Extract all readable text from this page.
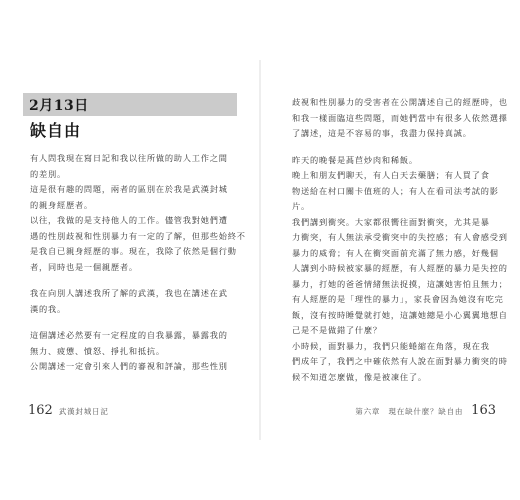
2月13日
缺自由
有人問我現在寫日記和我以往所做的助人工作之間
的差別。
這是很有趣的問題，兩者的區別在於我是武漢封城
的親身經歷者。
以往，我做的是支持他人的工作。儘管我對她們遭
遇的性別歧視和性別暴力有一定的了解，但那些始終不
是我自已親身經歷的事。現在，我除了依然是個行動
者，同時也是一個親歷者。
我在向別人講述我所了解的武漢，我也在講述在武
漢的我。
這個講述必然要有一定程度的自我暴露，暴露我的
無力、疲憊、憤怒、掙扎和抵抗。
公開講述一定會引來人們的審視和評論，那些性別
162 武漢封城日記
歧視和性別暴力的受害者在公開講述自己的經歷時，也
和我一樣面臨這些問題，而她們當中有很多人依然選擇
了講述，這是不容易的事，我盡力保持真誠。
昨天的晚餐是萵苣炒肉和稀飯。
晚上和朋友們聊天，有人白天去藥膳；有人買了食
物送給在村口關卡值班的人；有人在看司法考試的影
片。
我們講到衝突。大家都很嚮往面對衝突，尤其是暴
力衝突，有人無法承受衝突中的失控感；有人會感受到
暴力的威脅；有人在衝突面前充滿了無力感，好幾個
人講到小時候被家暴的經歷，有人經歷的暴力是失控的
暴力，打她的爸爸情緒無法捉摸，這讓她害怕且無力；
有人經歷的是「理性的暴力」，家長會因為她沒有吃完
飯，沒有按時睡覺就打她，這讓她總是小心翼翼地想自
己是不是做錯了什麼？
小時候，面對暴力，我們只能蜷縮在角落，現在我
們成年了，我們之中確依然有人說在面對暴力衝突的時
候不知道怎麼做，像是被凍住了。
第六章　現在缺什麼？缺自由 163
